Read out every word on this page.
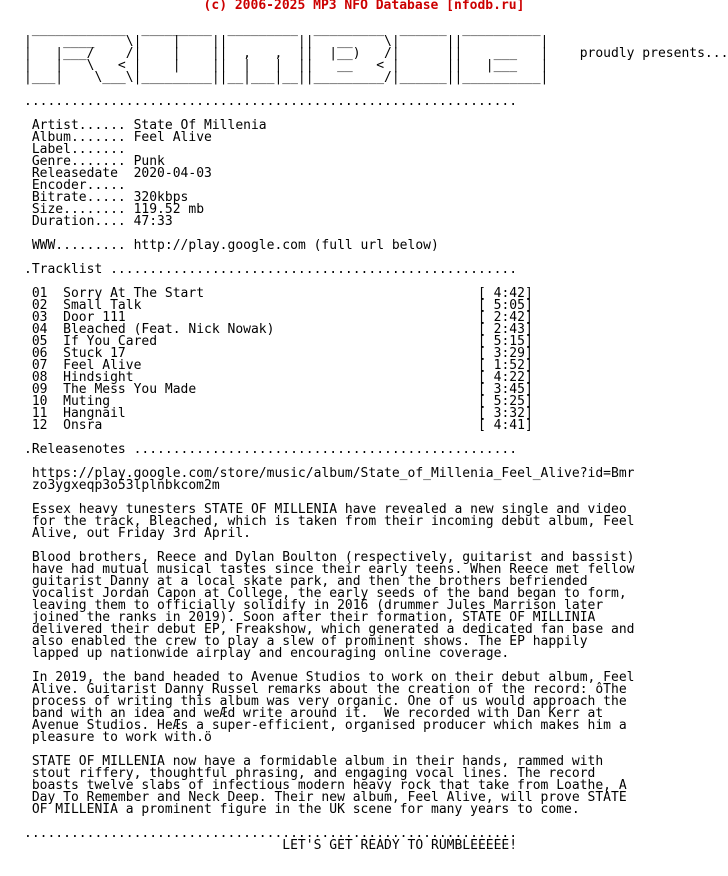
(c) 2006-2025 MP3 NFO Database [nfodb.ru]

____________  _________  _________  _________  ______  __________
|    ____    \|    |    ||         ||   __    \|      ||          |
|   |___/    /|    |    ||  ,   ,  ||  |__)   /|      ||    ___   |    proudly presents...
|   |   \   < |    |    ||  |   |  ||   __   < |      ||   |___   |
|___|    \___\|_________||__|___|__||_________/|______||__________|

...............................................................

Artist...... State Of Millenia
Album....... Feel Alive
Label.......
Genre....... Punk
Releasedate  2020-04-03
Encoder.....
Bitrate..... 320kbps
Size........ 119.52 mb
Duration.... 47:33

WWW......... http://play.google.com (full url below)

.Tracklist ....................................................

01  Sorry At The Start	[ 4:42]
02  Small Talk	[ 5:05]
03  Door 111	[ 2:42]
04  Bleached (Feat. Nick Nowak)	[ 2:43]
05  If You Cared	[ 5:15]
06  Stuck 17	[ 3:29]
07  Feel Alive	[ 1:52]
08  Hindsight	[ 4:22]
09  The Mess You Made	[ 3:45]
10  Muting	[ 5:25]
11  Hangnail	[ 3:32]
12  Onsra	[ 4:41]

.Releasenotes .................................................

https://play.google.com/store/music/album/State_of_Millenia_Feel_Alive?id=Bmr
zo3ygxeqp3o53lplnbkcom2m

Essex heavy tunesters STATE OF MILLENIA have revealed a new single and video
for the track, Bleached, which is taken from their incoming debut album, Feel
Alive, out Friday 3rd April.

Blood brothers, Reece and Dylan Boulton (respectively, guitarist and bassist)
have had mutual musical tastes since their early teens. When Reece met fellow
guitarist Danny at a local skate park, and then the brothers befriended
vocalist Jordan Capon at College, the early seeds of the band began to form,
leaving them to officially solidify in 2016 (drummer Jules Marrison later
joined the ranks in 2019). Soon after their formation, STATE OF MILLINIA
delivered their debut EP, Freakshow, which generated a dedicated fan base and
also enabled the crew to play a slew of prominent shows. The EP happily
lapped up nationwide airplay and encouraging online coverage.

In 2019, the band headed to Avenue Studios to work on their debut album, Feel
Alive. Guitarist Danny Russel remarks about the creation of the record: ôThe
process of writing this album was very organic. One of us would approach the
band with an idea and weÆd write around it.  We recorded with Dan Kerr at
Avenue Studios. HeÆs a super-efficient, organised producer which makes him a
pleasure to work with.ö

STATE OF MILLENIA now have a formidable album in their hands, rammed with
stout riffery, thoughtful phrasing, and engaging vocal lines. The record
boasts twelve slabs of infectious modern heavy rock that take from Loathe, A
Day To Remember and Neck Deep. Their new album, Feel Alive, will prove STATE
OF MILLENIA a prominent figure in the UK scene for many years to come.

...............................................................
LET'S GET READY TO RUMBLEEEEE!
